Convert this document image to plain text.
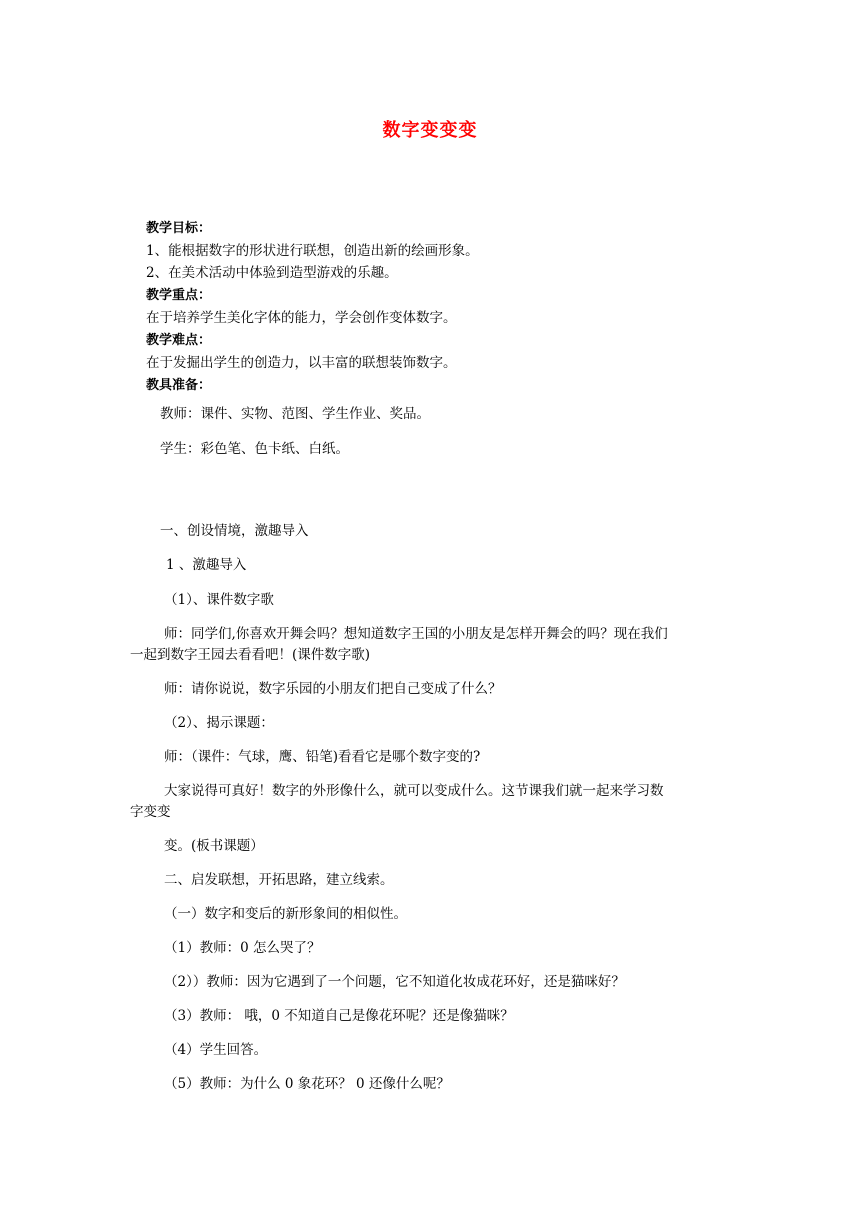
数字变变变
教学目标：
1、能根据数字的形状进行联想，创造出新的绘画形象。
2、在美术活动中体验到造型游戏的乐趣。
教学重点：
在于培养学生美化字体的能力，学会创作变体数字。
教学难点：
在于发掘出学生的创造力，以丰富的联想装饰数字。
教具准备：
教师：课件、实物、范图、学生作业、奖品。
学生：彩色笔、色卡纸、白纸。
一、创设情境，激趣导入
1 、激趣导入
（1）、课件数字歌
师：同学们,你喜欢开舞会吗？想知道数字王国的小朋友是怎样开舞会的吗？现在我们
一起到数字王园去看看吧！(课件数字歌)
师：请你说说，数字乐园的小朋友们把自己变成了什么？
（2）、揭示课题：
师：（课件：气球，鹰、铅笔)看看它是哪个数字变的?
大家说得可真好！数字的外形像什么，就可以变成什么。这节课我们就一起来学习数
字变变
变。(板书课题）
二、启发联想，开拓思路，建立线索。
（一）数字和变后的新形象间的相似性。
（1）教师：0 怎么哭了？
（2））教师：因为它遇到了一个问题，它不知道化妆成花环好，还是猫咪好？
（3）教师： 哦，0 不知道自己是像花环呢？还是像猫咪？
（4）学生回答。
（5）教师：为什么 0 象花环？ 0 还像什么呢？
